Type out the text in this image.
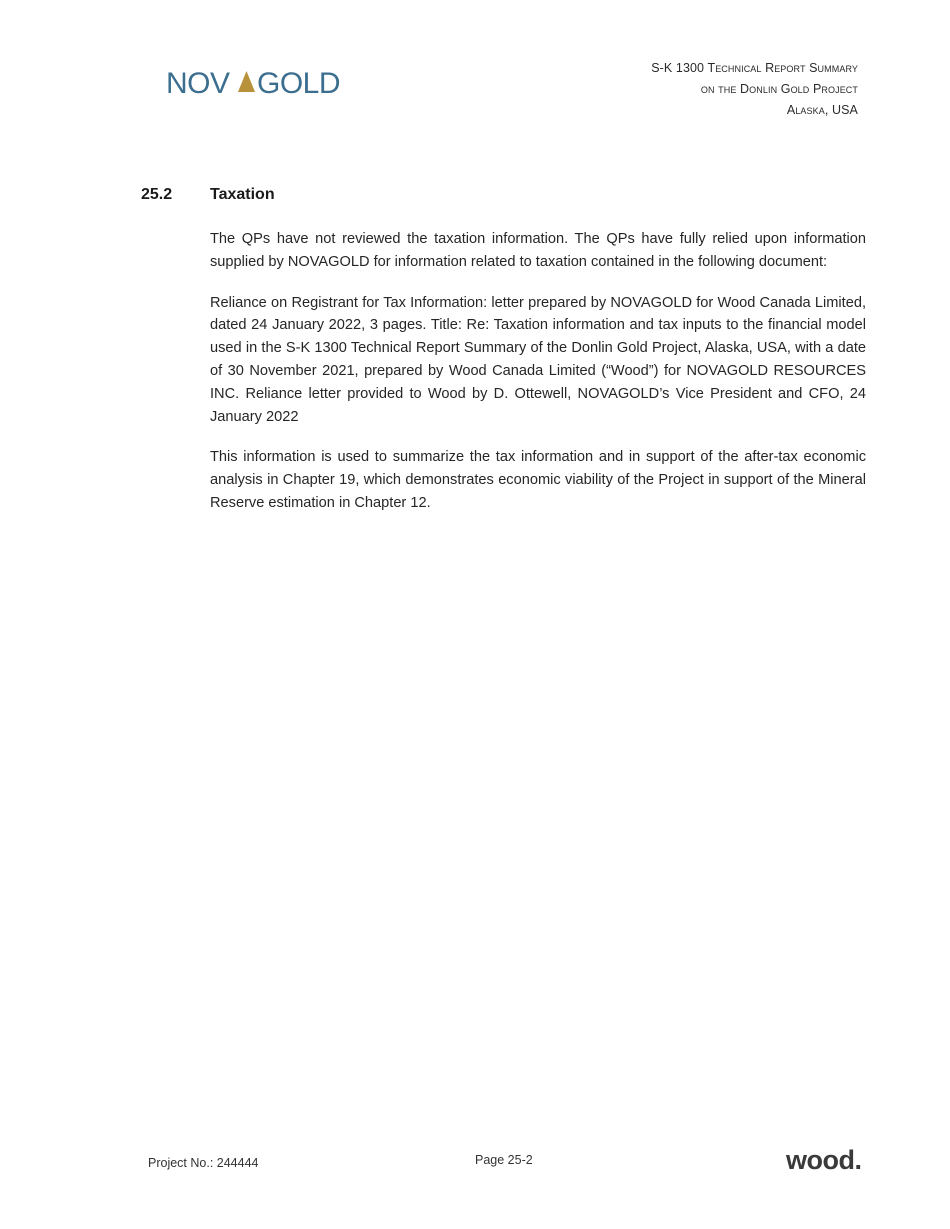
NOV GOLD	S-K 1300 Technical Report Summary
on the Donlin Gold Project
Alaska, USA
25.2	Taxation

The QPs have not reviewed the taxation information. The QPs have fully relied upon information supplied by NOVAGOLD for information related to taxation contained in the following document:

Reliance on Registrant for Tax Information: letter prepared by NOVAGOLD for Wood Canada Limited, dated 24 January 2022, 3 pages. Title: Re: Taxation information and tax inputs to the financial model used in the S-K 1300 Technical Report Summary of the Donlin Gold Project, Alaska, USA, with a date of 30 November 2021, prepared by Wood Canada Limited (“Wood”) for NOVAGOLD RESOURCES INC. Reliance letter provided to Wood by D. Ottewell, NOVAGOLD’s Vice President and CFO, 24 January 2022

This information is used to summarize the tax information and in support of the after-tax economic analysis in Chapter 19, which demonstrates economic viability of the Project in support of the Mineral Reserve estimation in Chapter 12.

Project No.: 244444	Page 25-2	wood.
